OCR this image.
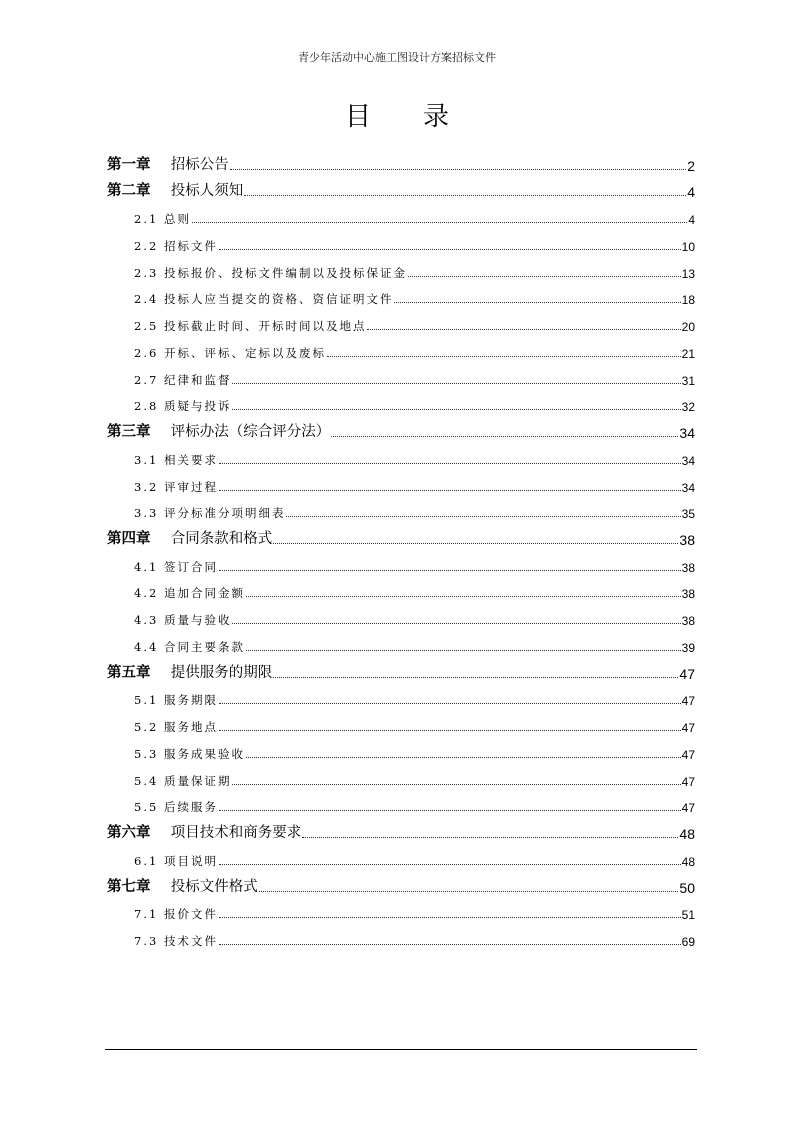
青少年活动中心施工图设计方案招标文件
目录
第一章 招标公告	2
第二章 投标人须知	4
2.1 总则	4
2.2 招标文件	10
2.3 投标报价、投标文件编制以及投标保证金	13
2.4 投标人应当提交的资格、资信证明文件	18
2.5 投标截止时间、开标时间以及地点	20
2.6 开标、评标、定标以及废标	21
2.7 纪律和监督	31
2.8 质疑与投诉	32
第三章 评标办法（综合评分法）	34
3.1 相关要求	34
3.2 评审过程	34
3.3 评分标准分项明细表	35
第四章 合同条款和格式	38
4.1 签订合同	38
4.2 追加合同金额	38
4.3 质量与验收	38
4.4 合同主要条款	39
第五章 提供服务的期限	47
5.1 服务期限	47
5.2 服务地点	47
5.3 服务成果验收	47
5.4 质量保证期	47
5.5 后续服务	47
第六章 项目技术和商务要求	48
6.1 项目说明	48
第七章 投标文件格式	50
7.1 报价文件	51
7.3 技术文件	69
